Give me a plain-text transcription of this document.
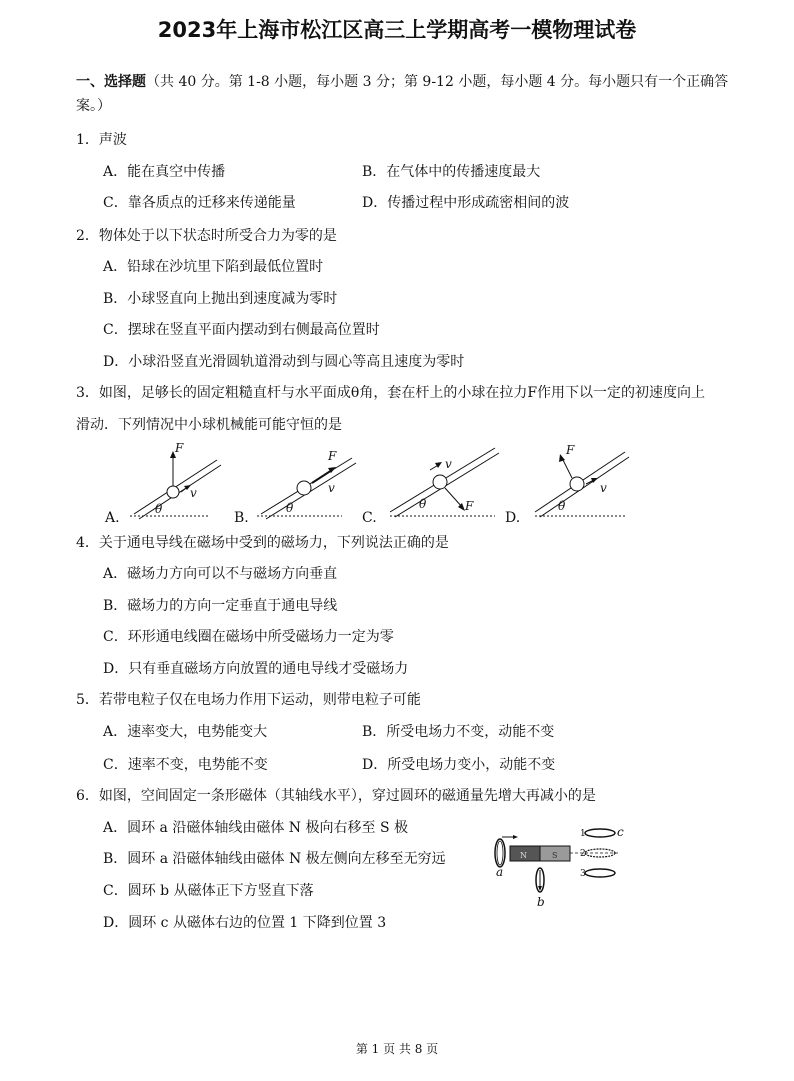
2023年上海市松江区高三上学期高考一模物理试卷
一、选择题（共 40 分。第 1-8 小题，每小题 3 分；第 9-12 小题，每小题 4 分。每小题只有一个正确答
案。）
1．声波
A．能在真空中传播	B．在气体中的传播速度最大
C．靠各质点的迁移来传递能量	D．传播过程中形成疏密相间的波
2．物体处于以下状态时所受合力为零的是
A．铅球在沙坑里下陷到最低位置时
B．小球竖直向上抛出到速度减为零时
C．摆球在竖直平面内摆动到右侧最高位置时
D．小球沿竖直光滑圆轨道滑动到与圆心等高且速度为零时
3．如图，足够长的固定粗糙直杆与水平面成θ角，套在杆上的小球在拉力F作用下以一定的初速度向上
滑动．下列情况中小球机械能可能守恒的是
A.	B.	C.	D.
F
v
θ
F
v
θ
v
F
θ
F
v
θ
4．关于通电导线在磁场中受到的磁场力，下列说法正确的是
A．磁场力方向可以不与磁场方向垂直
B．磁场力的方向一定垂直于通电导线
C．环形通电线圈在磁场中所受磁场力一定为零
D．只有垂直磁场方向放置的通电导线才受磁场力
5．若带电粒子仅在电场力作用下运动，则带电粒子可能
A．速率变大，电势能变大	B．所受电场力不变，动能不变
C．速率不变，电势能不变	D．所受电场力变小，动能不变
6．如图，空间固定一条形磁体（其轴线水平），穿过圆环的磁通量先增大再减小的是
A．圆环 a 沿磁体轴线由磁体 N 极向右移至 S 极
B．圆环 a 沿磁体轴线由磁体 N 极左侧向左移至无穷远
C．圆环 b 从磁体正下方竖直下落
D．圆环 c 从磁体右边的位置 1 下降到位置 3
a
N	S
b
1
2
3
c
第 1 页 共 8 页
